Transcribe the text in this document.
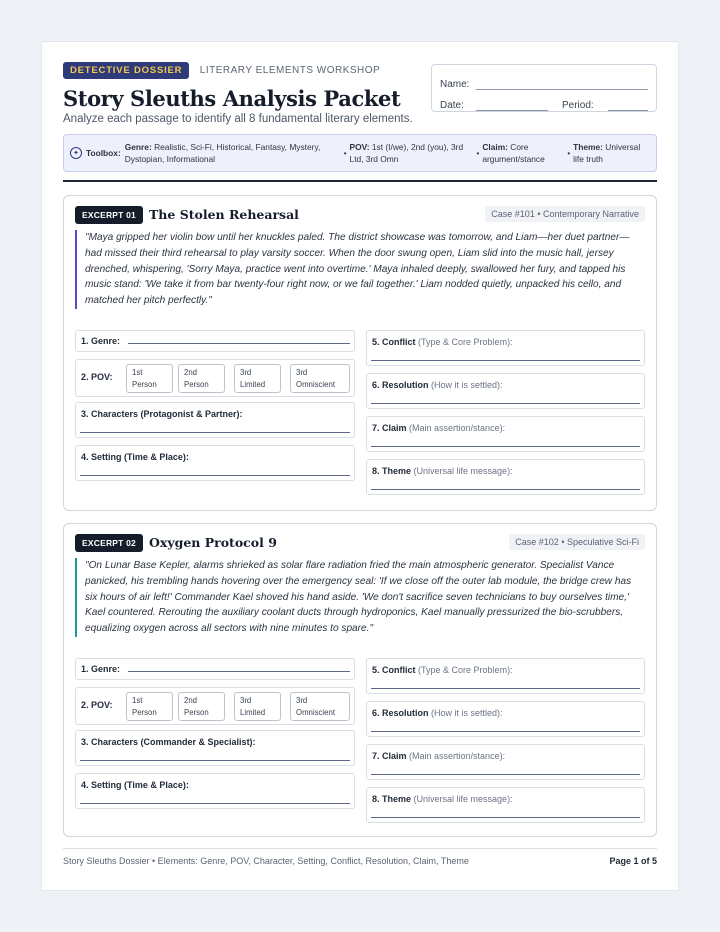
DETECTIVE DOSSIER LITERARY ELEMENTS WORKSHOP
Story Sleuths Analysis Packet
Analyze each passage to identify all 8 fundamental literary elements.
Name:
Date:	Period:
✦ Toolbox:
Genre: Realistic, Sci-Fi, Historical, Fantasy, Mystery, Dystopian, Informational
•
POV: 1st (I/we), 2nd (you), 3rd Ltd, 3rd Omn
•
Claim: Core argument/stance
•
Theme: Universal life truth
EXCERPT 01	The Stolen Rehearsal	Case #101 • Contemporary Narrative
"Maya gripped her violin bow until her knuckles paled. The district showcase was tomorrow, and Liam—her duet partner—had missed their third rehearsal to play varsity soccer. When the door swung open, Liam slid into the music hall, jersey drenched, whispering, 'Sorry Maya, practice went into overtime.' Maya inhaled deeply, swallowed her fury, and tapped his music stand: 'We take it from bar twenty-four right now, or we fail together.' Liam nodded quietly, unpacked his cello, and matched her pitch perfectly."
1. Genre:
2. POV:	1st Person
2nd Person
3rd Limited
3rd Omniscient
3. Characters (Protagonist & Partner):
4. Setting (Time & Place):
5. Conflict (Type & Core Problem):
6. Resolution (How it is settled):
7. Claim (Main assertion/stance):
8. Theme (Universal life message):
EXCERPT 02	Oxygen Protocol 9	Case #102 • Speculative Sci-Fi
"On Lunar Base Kepler, alarms shrieked as solar flare radiation fried the main atmospheric generator. Specialist Vance panicked, his trembling hands hovering over the emergency seal: 'If we close off the outer lab module, the bridge crew has six hours of air left!' Commander Kael shoved his hand aside. 'We don't sacrifice seven technicians to buy ourselves time,' Kael countered. Rerouting the auxiliary coolant ducts through hydroponics, Kael manually pressurized the bio-scrubbers, equalizing oxygen across all sectors with nine minutes to spare."
1. Genre:
2. POV:	1st Person
2nd Person
3rd Limited
3rd Omniscient
3. Characters (Commander & Specialist):
4. Setting (Time & Place):
5. Conflict (Type & Core Problem):
6. Resolution (How it is settled):
7. Claim (Main assertion/stance):
8. Theme (Universal life message):
Story Sleuths Dossier • Elements: Genre, POV, Character, Setting, Conflict, Resolution, Claim, Theme	Page 1 of 5
